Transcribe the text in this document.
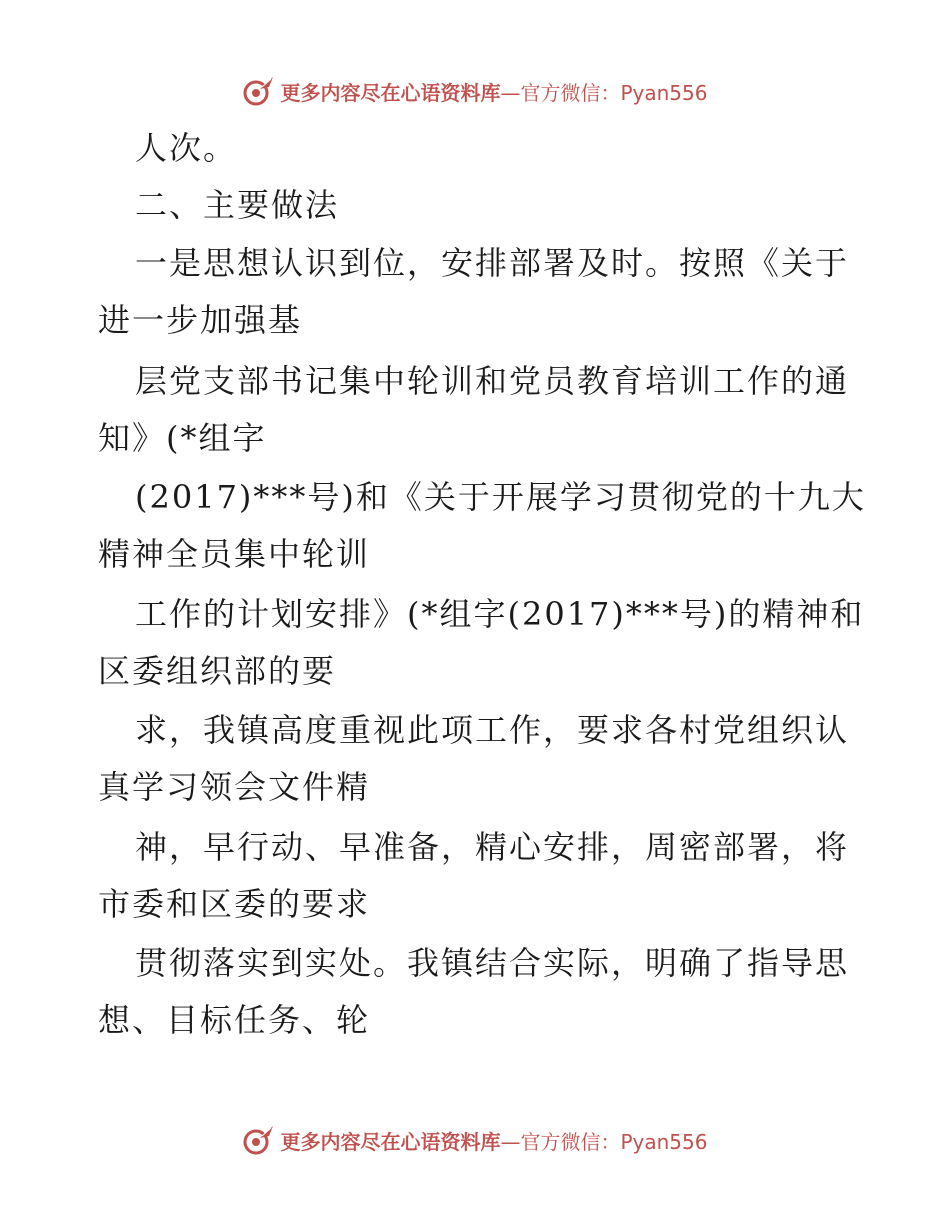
更多内容尽在心语资料库—官方微信：Pyan556
人次。
二、主要做法
一是思想认识到位，安排部署及时。按照《关于
进一步加强基
层党支部书记集中轮训和党员教育培训工作的通
知》(*组字
(2017)***号)和《关于开展学习贯彻党的十九大
精神全员集中轮训
工作的计划安排》(*组字(2017)***号)的精神和
区委组织部的要
求，我镇高度重视此项工作，要求各村党组织认
真学习领会文件精
神，早行动、早准备，精心安排，周密部署，将
市委和区委的要求
贯彻落实到实处。我镇结合实际，明确了指导思
想、目标任务、轮
更多内容尽在心语资料库—官方微信：Pyan556
